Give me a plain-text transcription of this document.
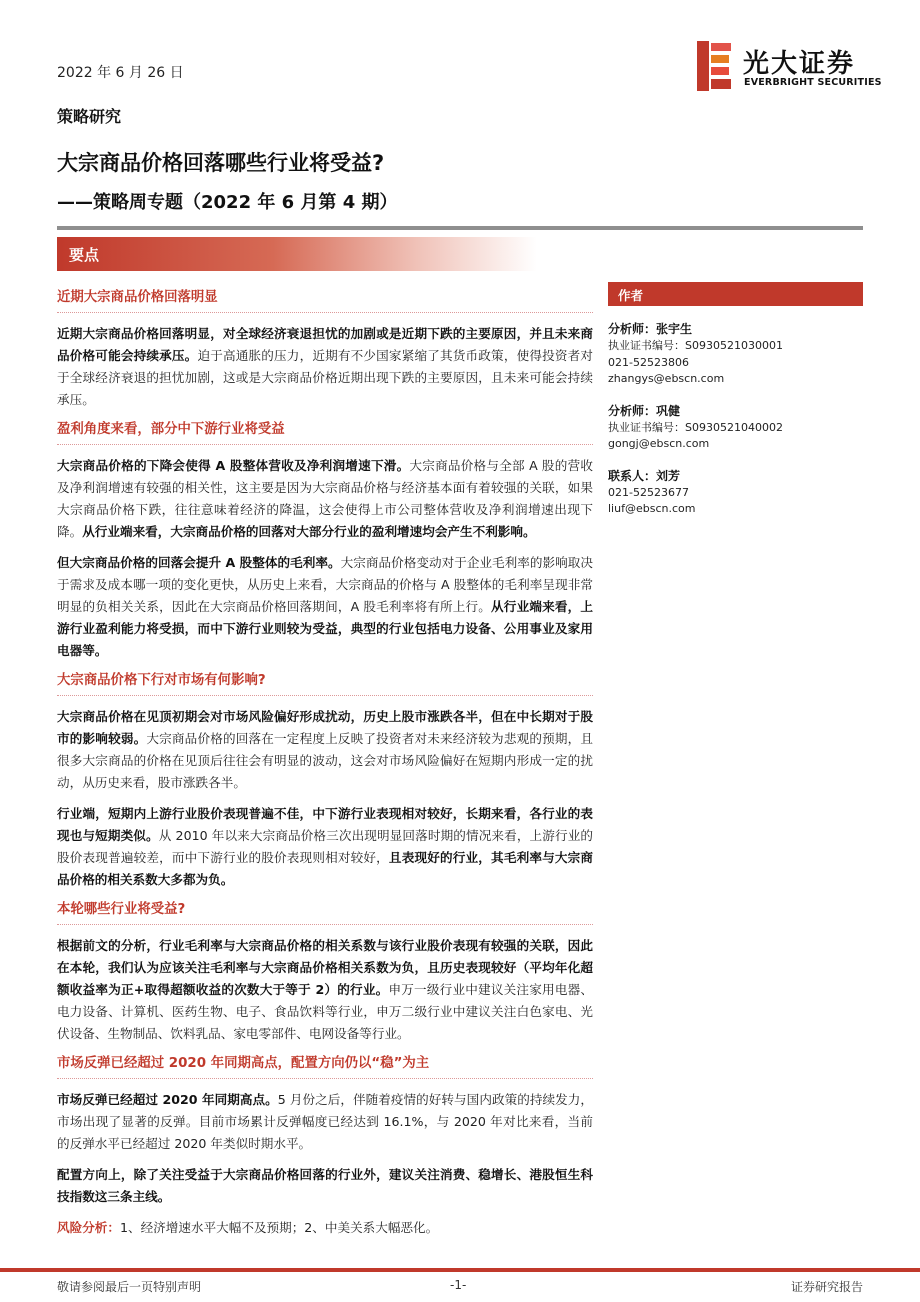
2022 年 6 月 26 日	光大证券
EVERBRIGHT SECURITIES
策略研究
大宗商品价格回落哪些行业将受益?
——策略周专题（2022 年 6 月第 4 期）
要点
近期大宗商品价格回落明显

近期大宗商品价格回落明显，对全球经济衰退担忧的加剧或是近期下跌的主要原因，并且未来商品价格可能会持续承压。迫于高通胀的压力，近期有不少国家紧缩了其货币政策，使得投资者对于全球经济衰退的担忧加剧，这或是大宗商品价格近期出现下跌的主要原因，且未来可能会持续承压。

盈利角度来看，部分中下游行业将受益

大宗商品价格的下降会使得 A 股整体营收及净利润增速下滑。大宗商品价格与全部 A 股的营收及净利润增速有较强的相关性，这主要是因为大宗商品价格与经济基本面有着较强的关联，如果大宗商品价格下跌，往往意味着经济的降温，这会使得上市公司整体营收及净利润增速出现下降。从行业端来看，大宗商品价格的回落对大部分行业的盈利增速均会产生不利影响。

但大宗商品价格的回落会提升 A 股整体的毛利率。大宗商品价格变动对于企业毛利率的影响取决于需求及成本哪一项的变化更快，从历史上来看，大宗商品的价格与 A 股整体的毛利率呈现非常明显的负相关关系，因此在大宗商品价格回落期间，A 股毛利率将有所上行。从行业端来看，上游行业盈利能力将受损，而中下游行业则较为受益，典型的行业包括电力设备、公用事业及家用电器等。

大宗商品价格下行对市场有何影响?

大宗商品价格在见顶初期会对市场风险偏好形成扰动，历史上股市涨跌各半，但在中长期对于股市的影响较弱。大宗商品价格的回落在一定程度上反映了投资者对未来经济较为悲观的预期，且很多大宗商品的价格在见顶后往往会有明显的波动，这会对市场风险偏好在短期内形成一定的扰动，从历史来看，股市涨跌各半。

行业端，短期内上游行业股价表现普遍不佳，中下游行业表现相对较好，长期来看，各行业的表现也与短期类似。从 2010 年以来大宗商品价格三次出现明显回落时期的情况来看，上游行业的股价表现普遍较差，而中下游行业的股价表现则相对较好，且表现好的行业，其毛利率与大宗商品价格的相关系数大多都为负。

本轮哪些行业将受益?

根据前文的分析，行业毛利率与大宗商品价格的相关系数与该行业股价表现有较强的关联，因此在本轮，我们认为应该关注毛利率与大宗商品价格相关系数为负，且历史表现较好（平均年化超额收益率为正+取得超额收益的次数大于等于 2）的行业。申万一级行业中建议关注家用电器、电力设备、计算机、医药生物、电子、食品饮料等行业，申万二级行业中建议关注白色家电、光伏设备、生物制品、饮料乳品、家电零部件、电网设备等行业。

市场反弹已经超过 2020 年同期高点，配置方向仍以“稳”为主

市场反弹已经超过 2020 年同期高点。5 月份之后，伴随着疫情的好转与国内政策的持续发力，市场出现了显著的反弹。目前市场累计反弹幅度已经达到 16.1%，与 2020 年对比来看，当前的反弹水平已经超过 2020 年类似时期水平。

配置方向上，除了关注受益于大宗商品价格回落的行业外，建议关注消费、稳增长、港股恒生科技指数这三条主线。

风险分析：1、经济增速水平大幅不及预期；2、中美关系大幅恶化。

作者
分析师：张宇生
执业证书编号：S0930521030001
021-52523806
zhangys@ebscn.com
分析师：巩健
执业证书编号：S0930521040002
gongj@ebscn.com
联系人：刘芳
021-52523677
liuf@ebscn.com
敬请参阅最后一页特别声明	-1-	证券研究报告
